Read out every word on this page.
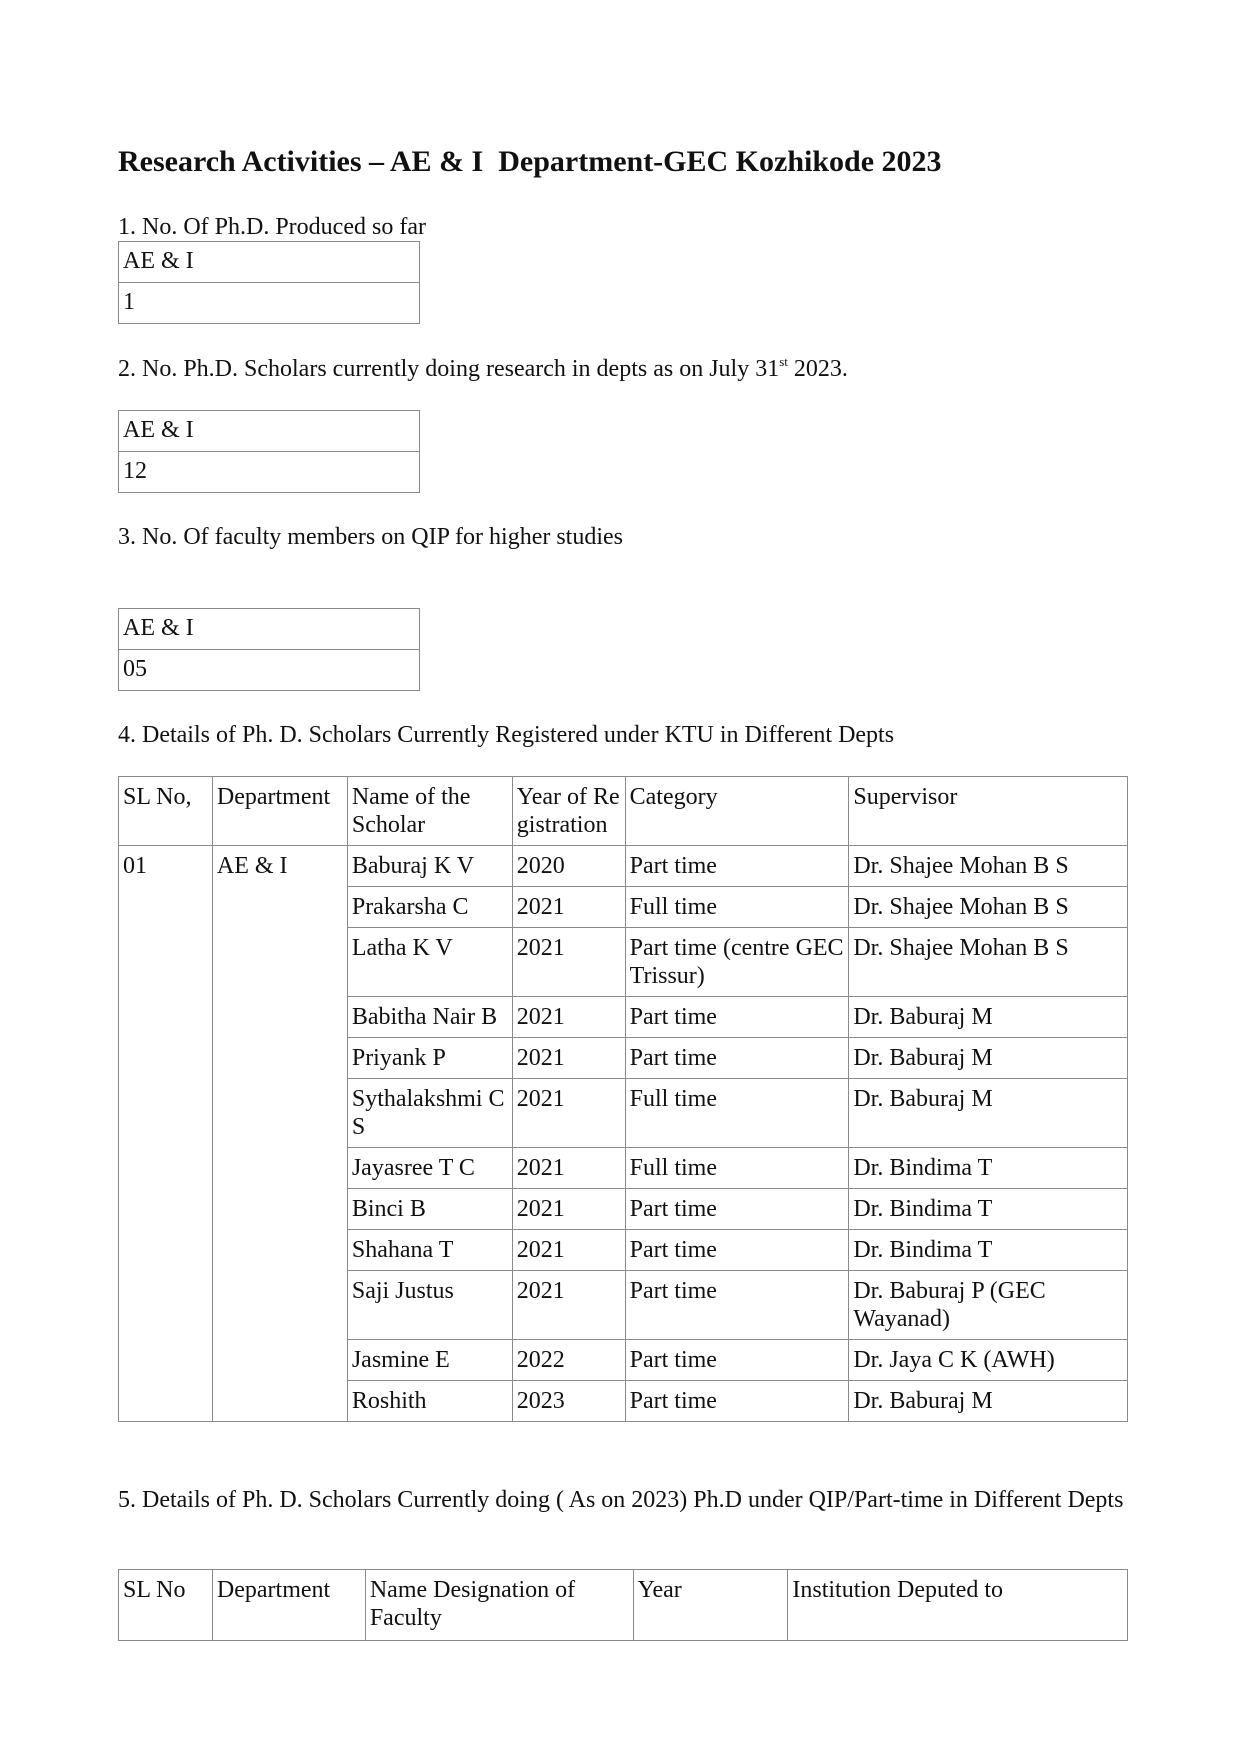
Research Activities – AE & I  Department-GEC Kozhikode 2023

1. No. Of Ph.D. Produced so far

AE & I
1

2. No. Ph.D. Scholars currently doing research in depts as on July 31st 2023.

AE & I
12

3. No. Of faculty members on QIP for higher studies

AE & I
05

4. Details of Ph. D. Scholars Currently Registered under KTU in Different Depts

SL No,	Department	Name of the Scholar	Year of Registration	Category	Supervisor
01	AE & I	Baburaj K V	2020	Part time	Dr. Shajee Mohan B S
		Prakarsha C	2021	Full time	Dr. Shajee Mohan B S
		Latha K V	2021	Part time (centre GEC Trissur)	Dr. Shajee Mohan B S
		Babitha Nair B	2021	Part time	Dr. Baburaj M
		Priyank P	2021	Part time	Dr. Baburaj M
		Sythalakshmi C S	2021	Full time	Dr. Baburaj M
		Jayasree T C	2021	Full time	Dr. Bindima T
		Binci B	2021	Part time	Dr. Bindima T
		Shahana T	2021	Part time	Dr. Bindima T
		Saji Justus	2021	Part time	Dr. Baburaj P (GEC Wayanad)
		Jasmine E	2022	Part time	Dr. Jaya C K (AWH)
		Roshith	2023	Part time	Dr. Baburaj M

5. Details of Ph. D. Scholars Currently doing ( As on 2023) Ph.D under QIP/Part-time in Different Depts

SL No	Department	Name Designation of Faculty	Year	Institution Deputed to
